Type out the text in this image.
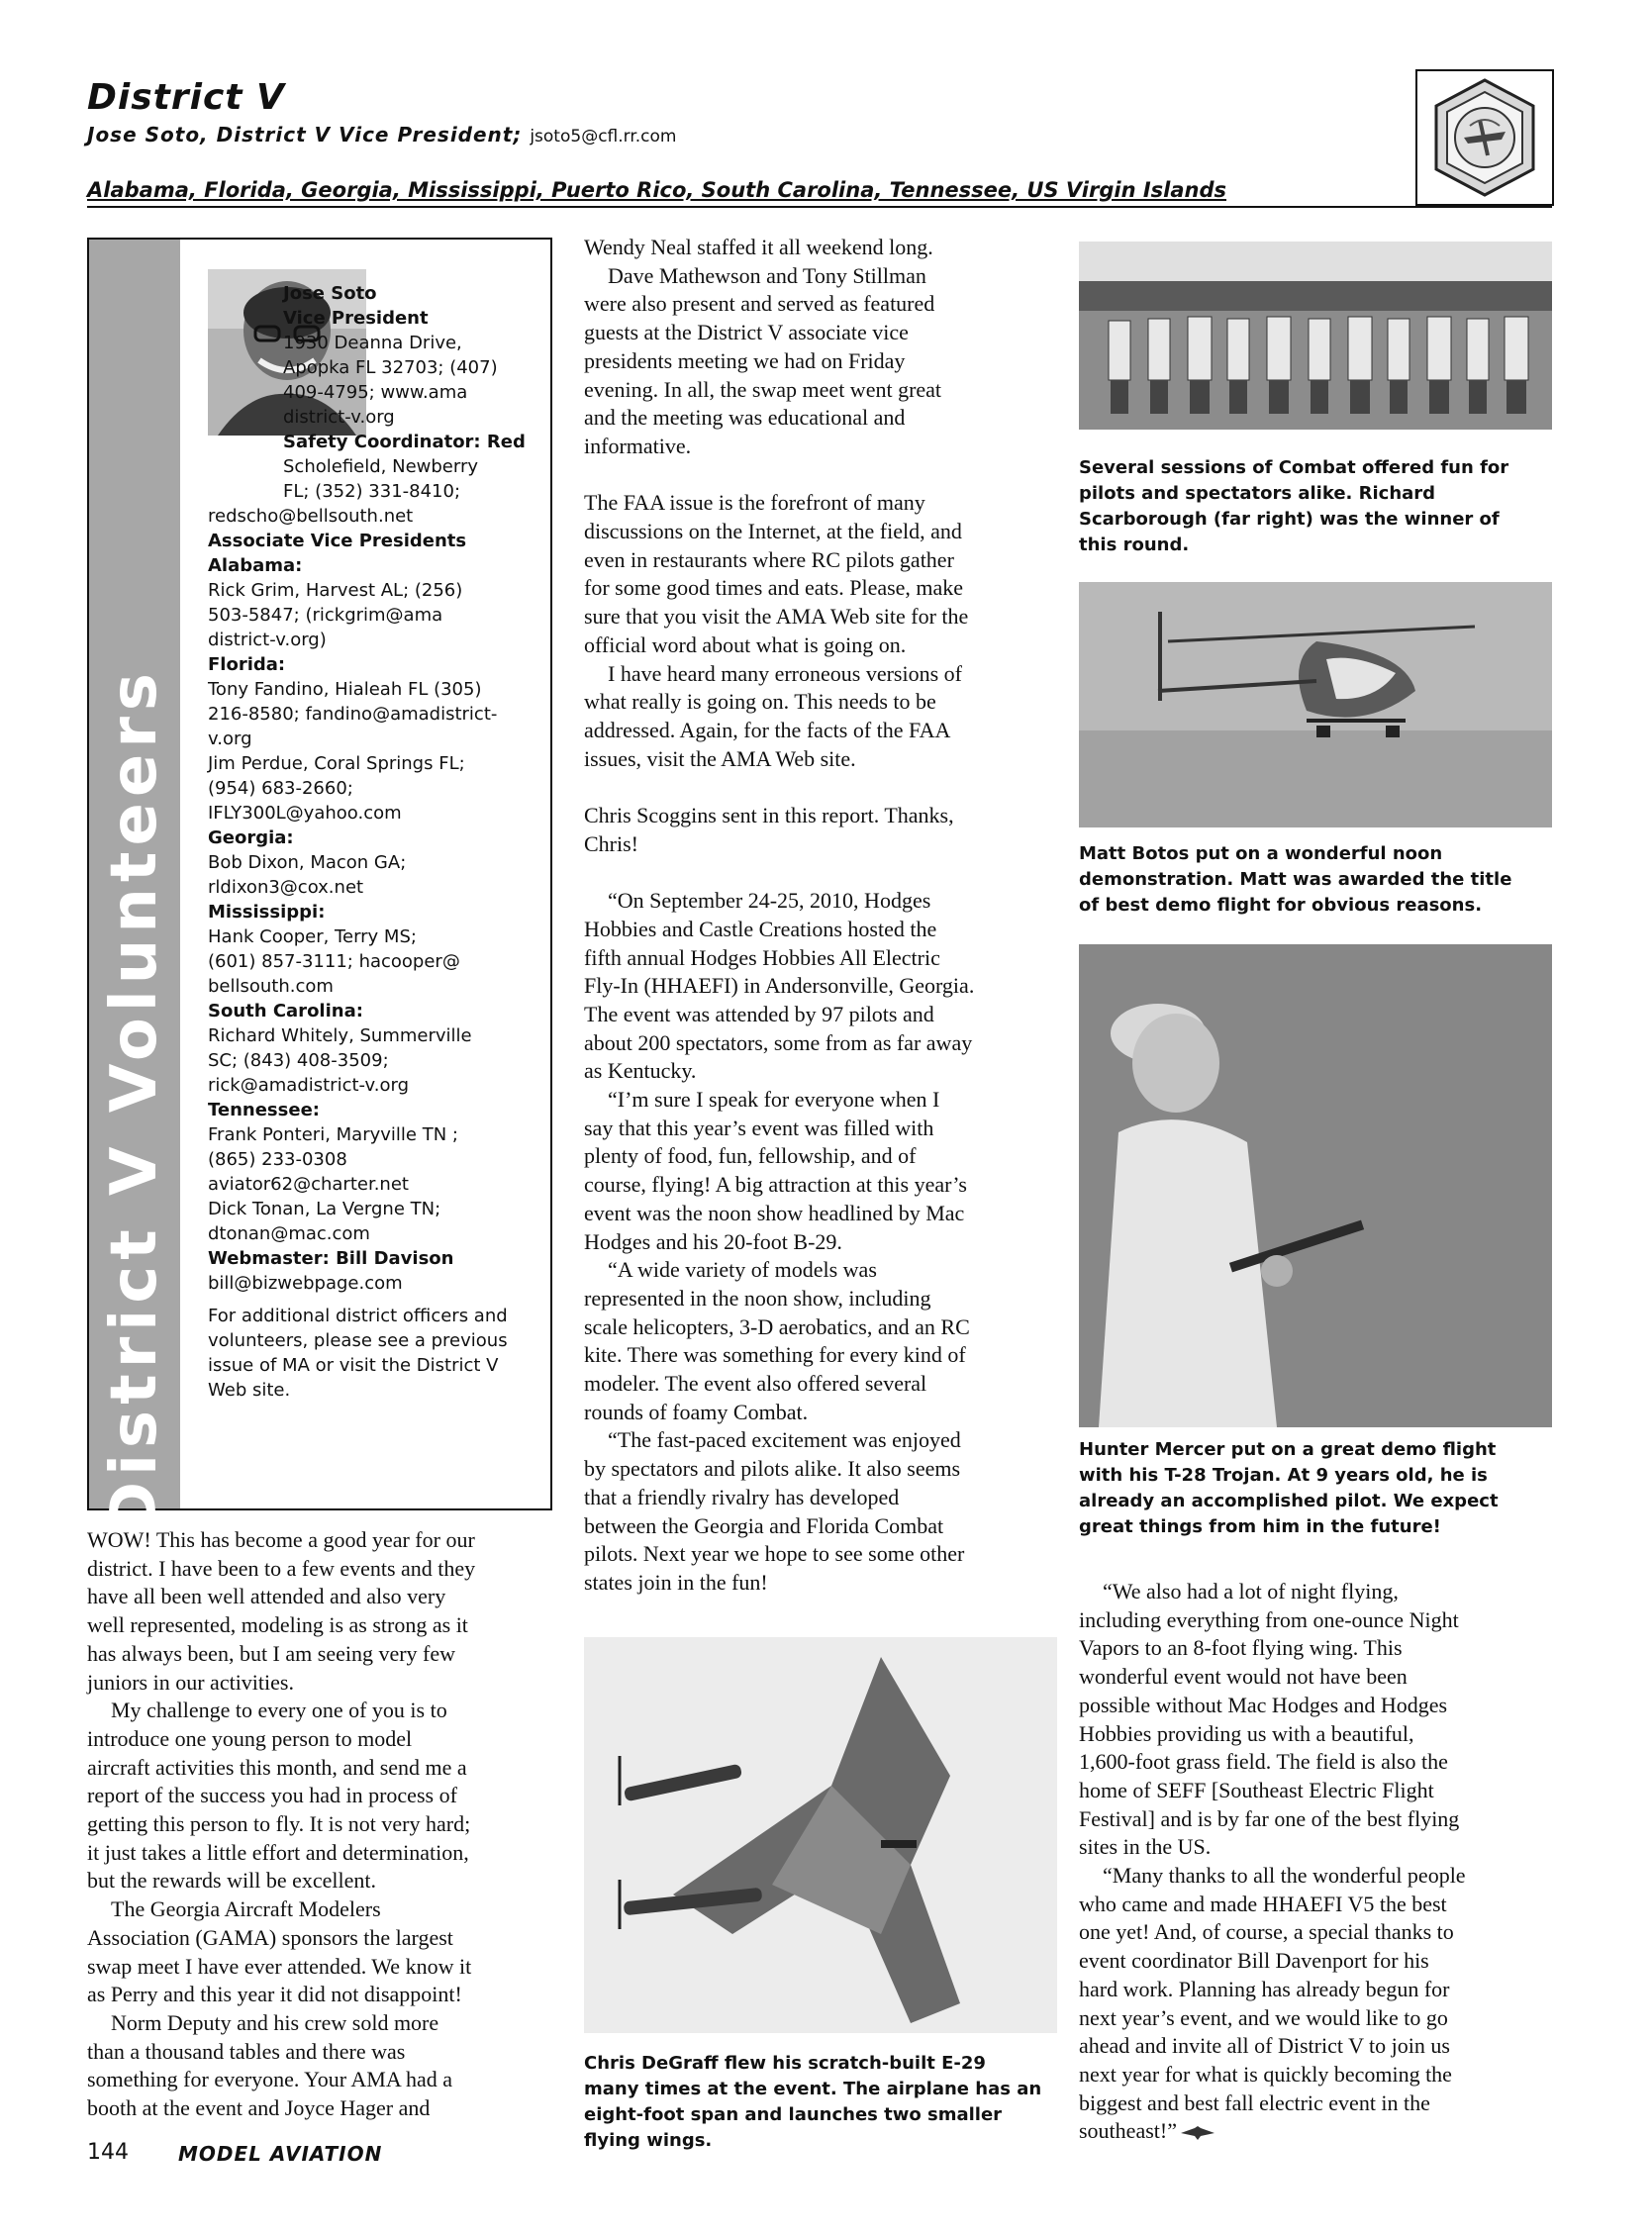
District V
Jose Soto, District V Vice President; jsoto5@cfl.rr.com
Alabama, Florida, Georgia, Mississippi, Puerto Rico, South Carolina, Tennessee, US Virgin Islands
District V Volunteers
Jose Soto
Vice President
1930 Deanna Drive,
Apopka FL 32703; (407)
409-4795; www.ama
district-v.org
Safety Coordinator: Red
Scholefield, Newberry
FL; (352) 331-8410;
redscho@bellsouth.net
Associate Vice Presidents
Alabama:
Rick Grim, Harvest AL; (256)
503-5847; (rickgrim@ama
district-v.org)
Florida:
Tony Fandino, Hialeah FL (305)
216-8580; fandino@amadistrict-
v.org
Jim Perdue, Coral Springs FL;
(954) 683-2660;
IFLY300L@yahoo.com
Georgia:
Bob Dixon, Macon GA;
rldixon3@cox.net
Mississippi:
Hank Cooper, Terry MS;
(601) 857-3111; hacooper@
bellsouth.com
South Carolina:
Richard Whitely, Summerville
SC; (843) 408-3509;
rick@amadistrict-v.org
Tennessee:
Frank Ponteri, Maryville TN ;
(865) 233-0308
aviator62@charter.net
Dick Tonan, La Vergne TN;
dtonan@mac.com
Webmaster: Bill Davison
bill@bizwebpage.com
For additional district officers and
volunteers, please see a previous
issue of MA or visit the District V
Web site.
WOW! This has become a good year for our
district. I have been to a few events and they
have all been well attended and also very
well represented, modeling is as strong as it
has always been, but I am seeing very few
juniors in our activities.
My challenge to every one of you is to
introduce one young person to model
aircraft activities this month, and send me a
report of the success you had in process of
getting this person to fly. It is not very hard;
it just takes a little effort and determination,
but the rewards will be excellent.
The Georgia Aircraft Modelers
Association (GAMA) sponsors the largest
swap meet I have ever attended. We know it
as Perry and this year it did not disappoint!
Norm Deputy and his crew sold more
than a thousand tables and there was
something for everyone. Your AMA had a
booth at the event and Joyce Hager and
Wendy Neal staffed it all weekend long.
Dave Mathewson and Tony Stillman
were also present and served as featured
guests at the District V associate vice
presidents meeting we had on Friday
evening. In all, the swap meet went great
and the meeting was educational and
informative.
The FAA issue is the forefront of many
discussions on the Internet, at the field, and
even in restaurants where RC pilots gather
for some good times and eats. Please, make
sure that you visit the AMA Web site for the
official word about what is going on.
I have heard many erroneous versions of
what really is going on. This needs to be
addressed. Again, for the facts of the FAA
issues, visit the AMA Web site.
Chris Scoggins sent in this report. Thanks,
Chris!
“On September 24-25, 2010, Hodges
Hobbies and Castle Creations hosted the
fifth annual Hodges Hobbies All Electric
Fly-In (HHAEFI) in Andersonville, Georgia.
The event was attended by 97 pilots and
about 200 spectators, some from as far away
as Kentucky.
“I’m sure I speak for everyone when I
say that this year’s event was filled with
plenty of food, fun, fellowship, and of
course, flying! A big attraction at this year’s
event was the noon show headlined by Mac
Hodges and his 20-foot B-29.
“A wide variety of models was
represented in the noon show, including
scale helicopters, 3-D aerobatics, and an RC
kite. There was something for every kind of
modeler. The event also offered several
rounds of foamy Combat.
“The fast-paced excitement was enjoyed
by spectators and pilots alike. It also seems
that a friendly rivalry has developed
between the Georgia and Florida Combat
pilots. Next year we hope to see some other
states join in the fun!
Chris DeGraff flew his scratch-built E-29
many times at the event. The airplane has an
eight-foot span and launches two smaller
flying wings.
Several sessions of Combat offered fun for
pilots and spectators alike. Richard
Scarborough (far right) was the winner of
this round.
Matt Botos put on a wonderful noon
demonstration. Matt was awarded the title
of best demo flight for obvious reasons.
Hunter Mercer put on a great demo flight
with his T-28 Trojan. At 9 years old, he is
already an accomplished pilot. We expect
great things from him in the future!
“We also had a lot of night flying,
including everything from one-ounce Night
Vapors to an 8-foot flying wing. This
wonderful event would not have been
possible without Mac Hodges and Hodges
Hobbies providing us with a beautiful,
1,600-foot grass field. The field is also the
home of SEFF [Southeast Electric Flight
Festival] and is by far one of the best flying
sites in the US.
“Many thanks to all the wonderful people
who came and made HHAEFI V5 the best
one yet! And, of course, a special thanks to
event coordinator Bill Davenport for his
hard work. Planning has already begun for
next year’s event, and we would like to go
ahead and invite all of District V to join us
next year for what is quickly becoming the
biggest and best fall electric event in the
southeast!”
144	MODEL AVIATION
